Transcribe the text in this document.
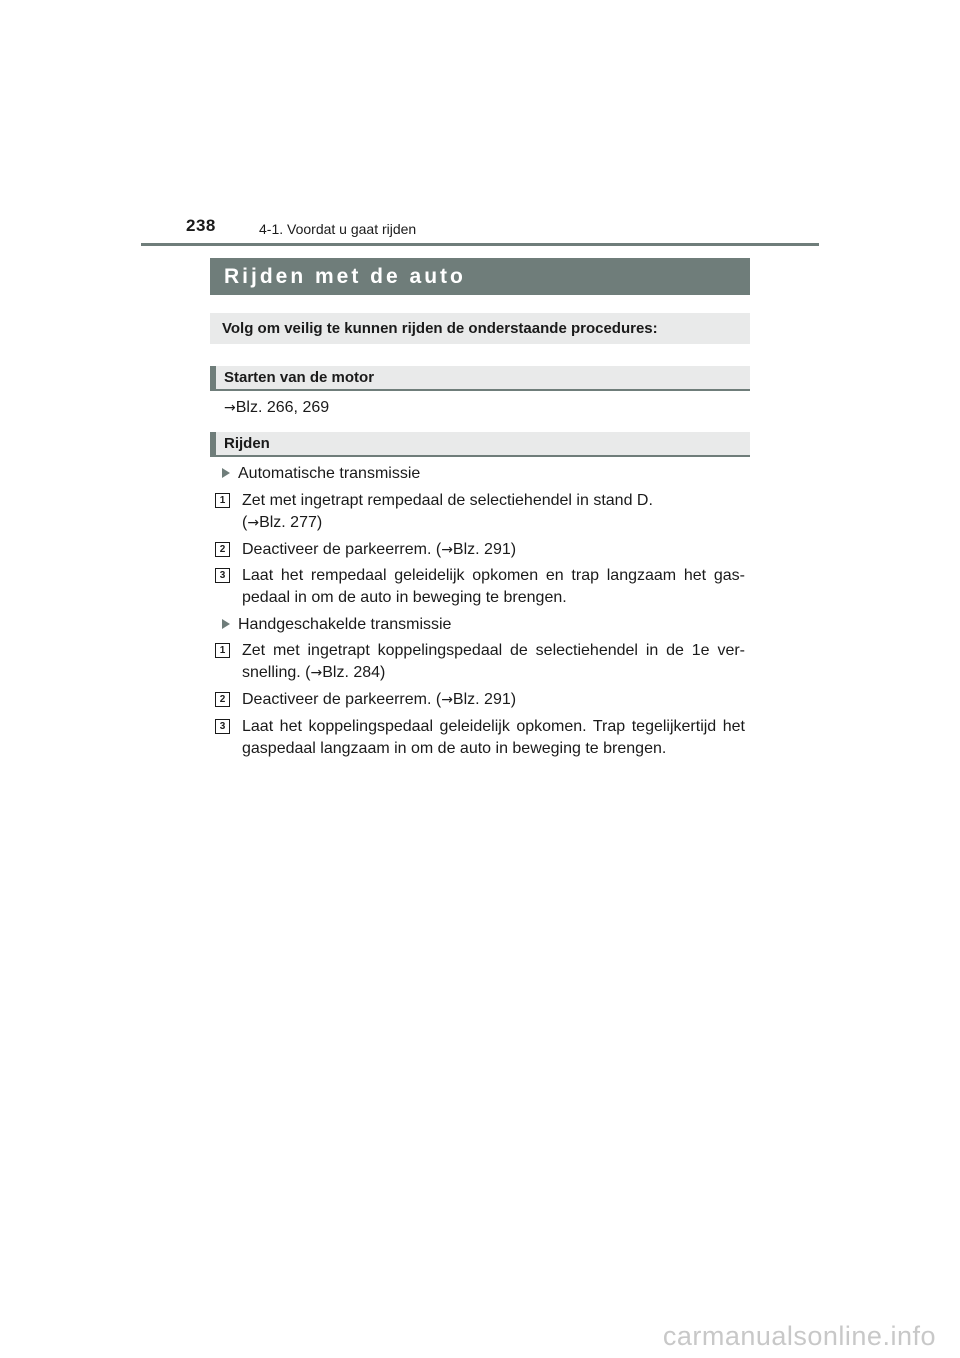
238	4-1. Voordat u gaat rijden
Rijden met de auto
Volg om veilig te kunnen rijden de onderstaande procedures:
Starten van de motor
→Blz. 266, 269
Rijden
Automatische transmissie
1 Zet met ingetrapt rempedaal de selectiehendel in stand D.
(→Blz. 277)
2 Deactiveer de parkeerrem. (→Blz. 291)
3 Laat het rempedaal geleidelijk opkomen en trap langzaam het gas-pedaal in om de auto in beweging te brengen.
Handgeschakelde transmissie
1 Zet met ingetrapt koppelingspedaal de selectiehendel in de 1e ver-snelling. (→Blz. 284)
2 Deactiveer de parkeerrem. (→Blz. 291)
3 Laat het koppelingspedaal geleidelijk opkomen. Trap tegelijkertijd het gaspedaal langzaam in om de auto in beweging te brengen.
carmanualsonline.info
